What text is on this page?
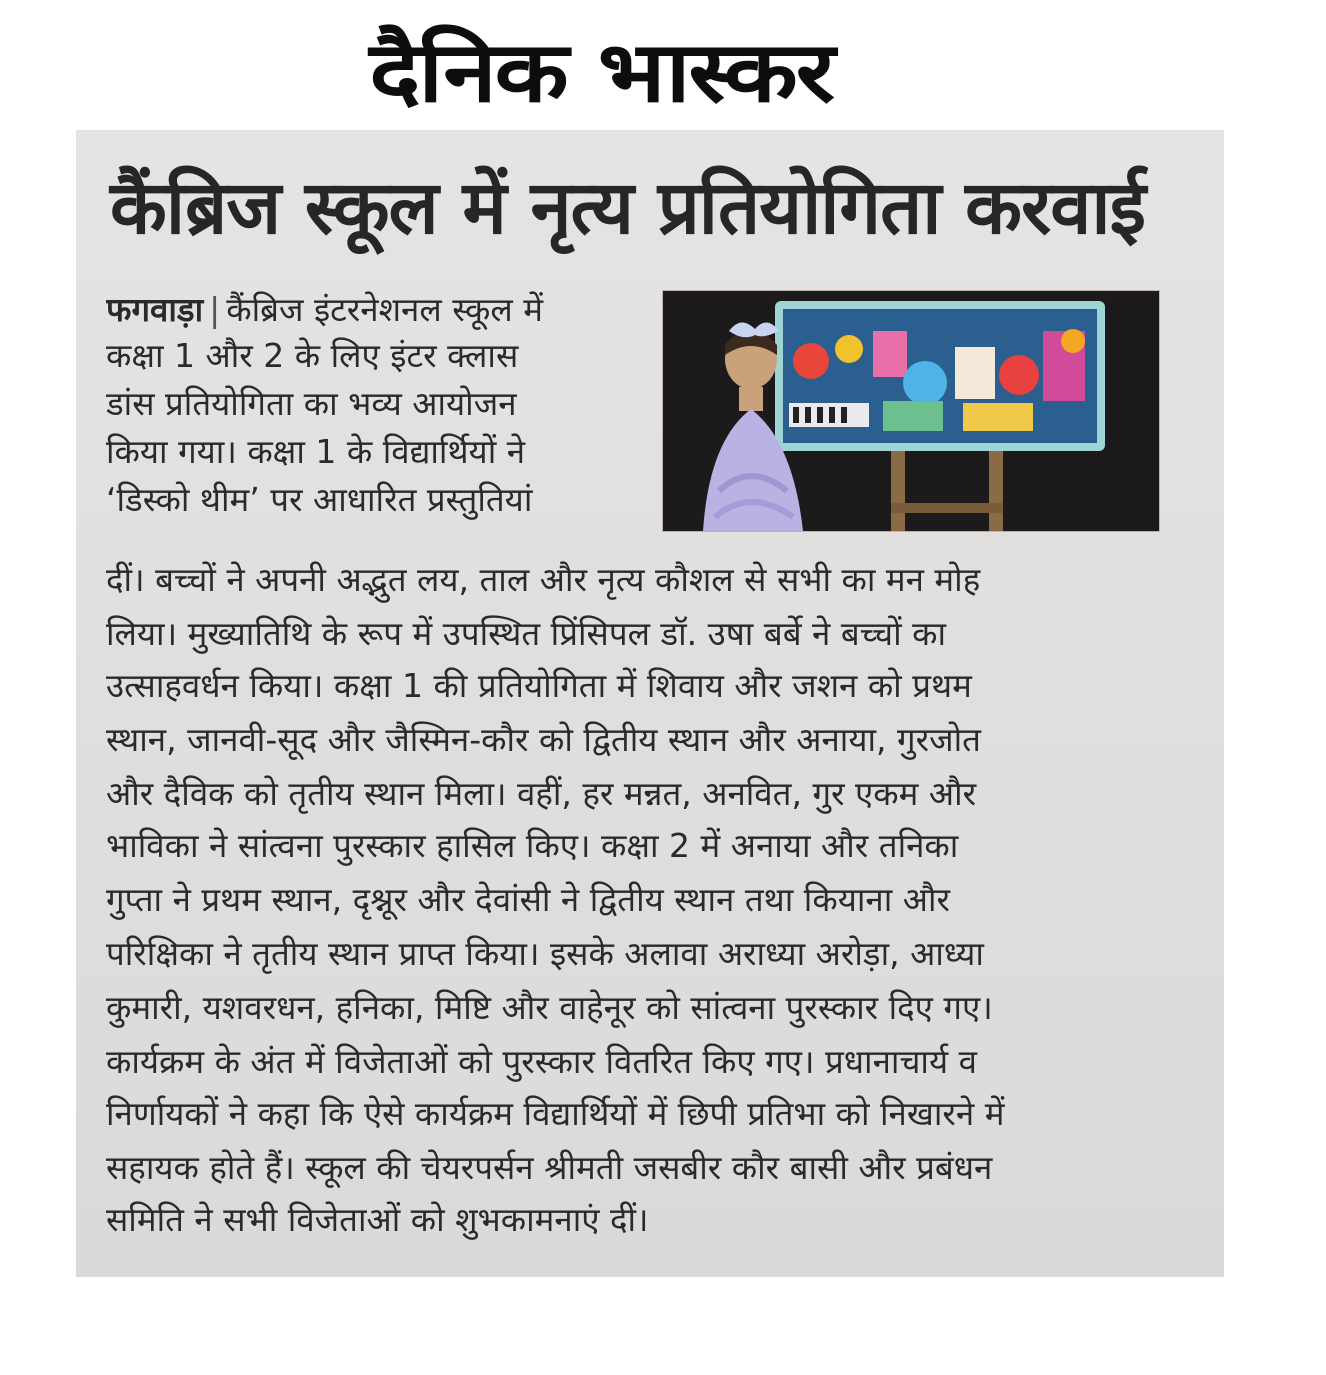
दैनिक भास्कर
कैंब्रिज स्कूल में नृत्य प्रतियोगिता करवाई
फगवाड़ा | कैंब्रिज इंटरनेशनल स्कूल में
कक्षा 1 और 2 के लिए इंटर क्लास
डांस प्रतियोगिता का भव्य आयोजन
किया गया। कक्षा 1 के विद्यार्थियों ने
‘डिस्को थीम’ पर आधारित प्रस्तुतियां
दीं। बच्चों ने अपनी अद्भुत लय, ताल और नृत्य कौशल से सभी का मन मोह
लिया। मुख्यातिथि के रूप में उपस्थित प्रिंसिपल डॉ. उषा बर्बे ने बच्चों का
उत्साहवर्धन किया। कक्षा 1 की प्रतियोगिता में शिवाय और जशन को प्रथम
स्थान, जानवी-सूद और जैस्मिन-कौर को द्वितीय स्थान और अनाया, गुरजोत
और दैविक को तृतीय स्थान मिला। वहीं, हर मन्नत, अनवित, गुर एकम और
भाविका ने सांत्वना पुरस्कार हासिल किए। कक्षा 2 में अनाया और तनिका
गुप्ता ने प्रथम स्थान, दृश्नूर और देवांसी ने द्वितीय स्थान तथा कियाना और
परिक्षिका ने तृतीय स्थान प्राप्त किया। इसके अलावा अराध्या अरोड़ा, आध्या
कुमारी, यशवरधन, हनिका, मिष्टि और वाहेनूर को सांत्वना पुरस्कार दिए गए।
कार्यक्रम के अंत में विजेताओं को पुरस्कार वितरित किए गए। प्रधानाचार्य व
निर्णायकों ने कहा कि ऐसे कार्यक्रम विद्यार्थियों में छिपी प्रतिभा को निखारने में
सहायक होते हैं। स्कूल की चेयरपर्सन श्रीमती जसबीर कौर बासी और प्रबंधन
समिति ने सभी विजेताओं को शुभकामनाएं दीं।
